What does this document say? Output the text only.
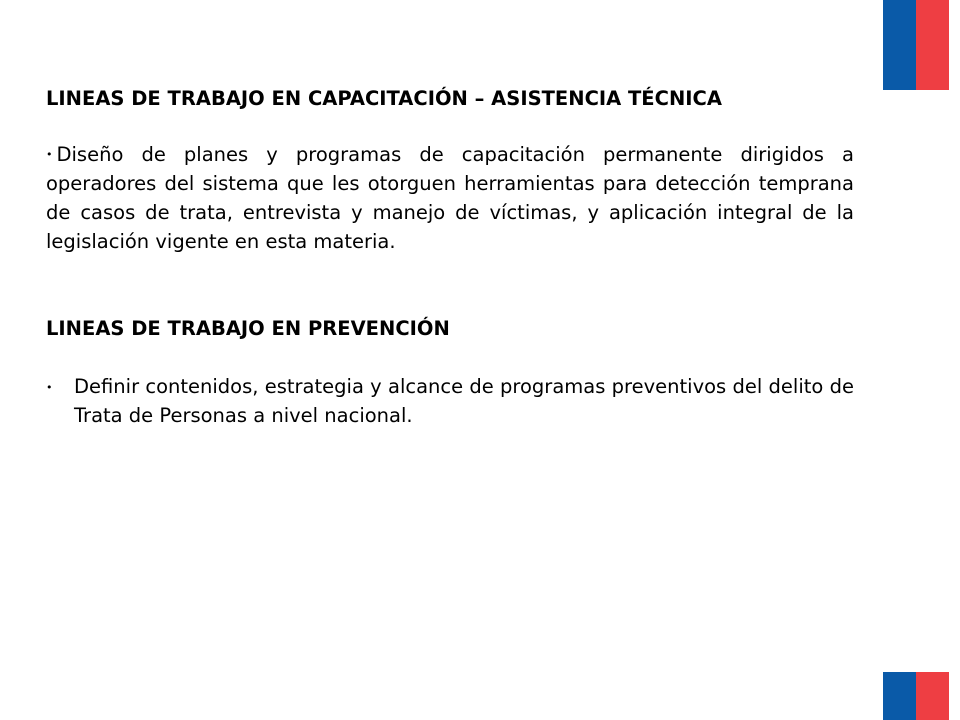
LINEAS DE TRABAJO EN CAPACITACIÓN – ASISTENCIA TÉCNICA

• Diseño de planes y programas de capacitación permanente dirigidos a operadores del sistema que les otorguen herramientas para detección temprana de casos de trata, entrevista y manejo de víctimas, y aplicación integral de la legislación vigente en esta materia.

LINEAS DE TRABAJO EN PREVENCIÓN
•	Definir contenidos, estrategia y alcance de programas preventivos del delito de Trata de Personas a nivel nacional.
